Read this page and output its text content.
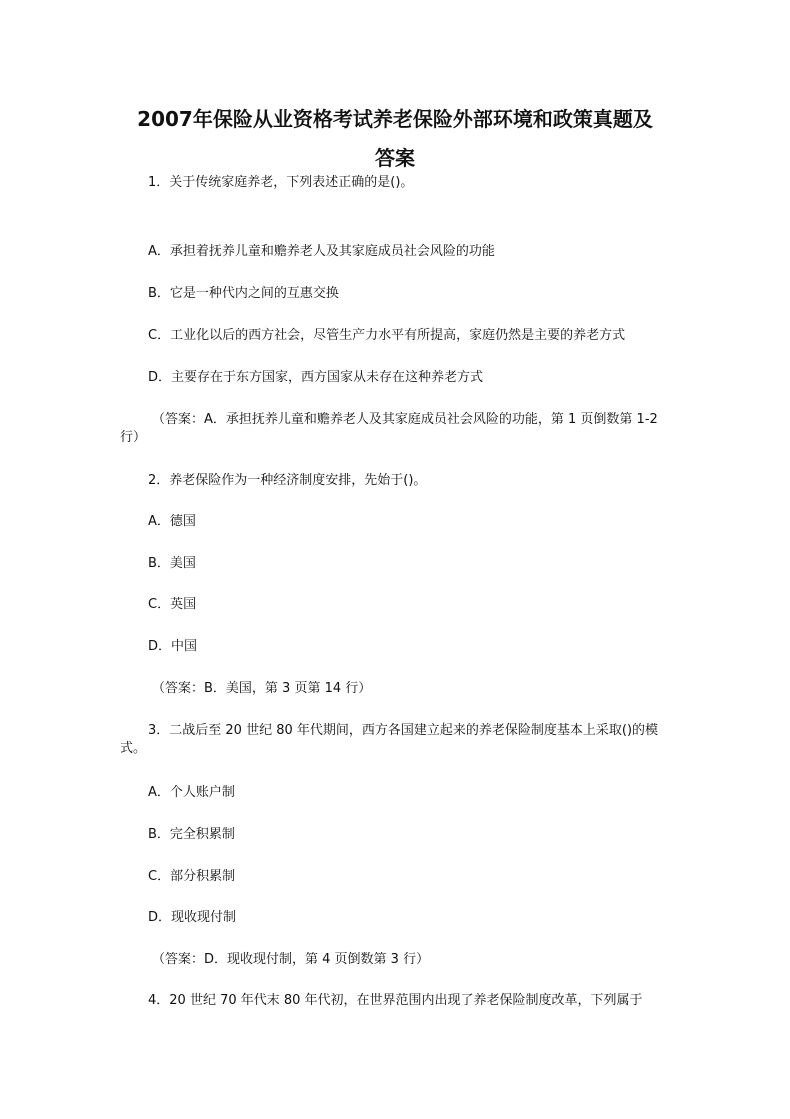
2007年保险从业资格考试养老保险外部环境和政策真题及
答案
1．关于传统家庭养老，下列表述正确的是()。
A．承担着抚养儿童和赡养老人及其家庭成员社会风险的功能
B．它是一种代内之间的互惠交换
C．工业化以后的西方社会，尽管生产力水平有所提高，家庭仍然是主要的养老方式
D．主要存在于东方国家，西方国家从未存在这种养老方式
（答案：A．承担抚养儿童和赡养老人及其家庭成员社会风险的功能，第 1 页倒数第 1-2 行）
2．养老保险作为一种经济制度安排，先始于()。
A．德国
B．美国
C．英国
D．中国
（答案：B．美国，第 3 页第 14 行）
3．二战后至 20 世纪 80 年代期间，西方各国建立起来的养老保险制度基本上采取()的模式。
A．个人账户制
B．完全积累制
C．部分积累制
D．现收现付制
（答案：D．现收现付制，第 4 页倒数第 3 行）
4．20 世纪 70 年代末 80 年代初，在世界范围内出现了养老保险制度改革，下列属于
